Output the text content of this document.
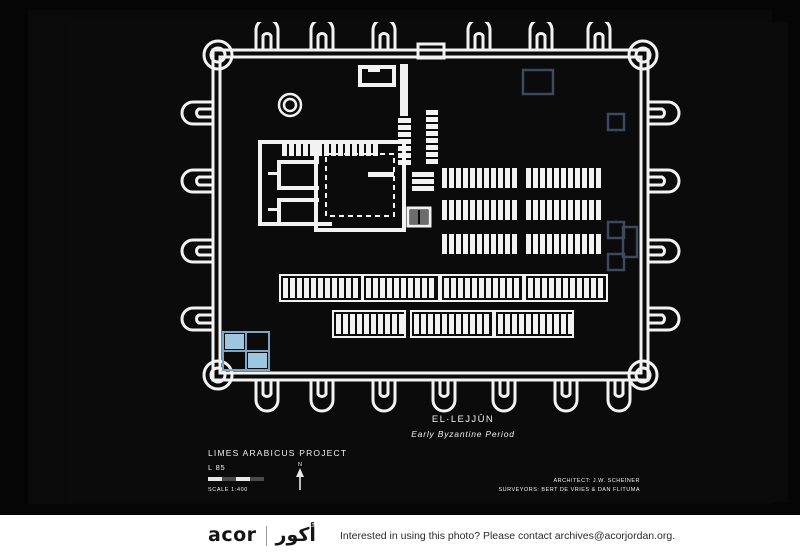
EL·LEJJŪN
Early Byzantine Period
LIMES ARABICUS PROJECT
L 85
SCALE 1:400
N
ARCHITECT: J.W. SCHEINER
SURVEYORS: BERT DE VRIES & DAN FLITUMA
acor أكور Interested in using this photo? Please contact archives@acorjordan.org.
